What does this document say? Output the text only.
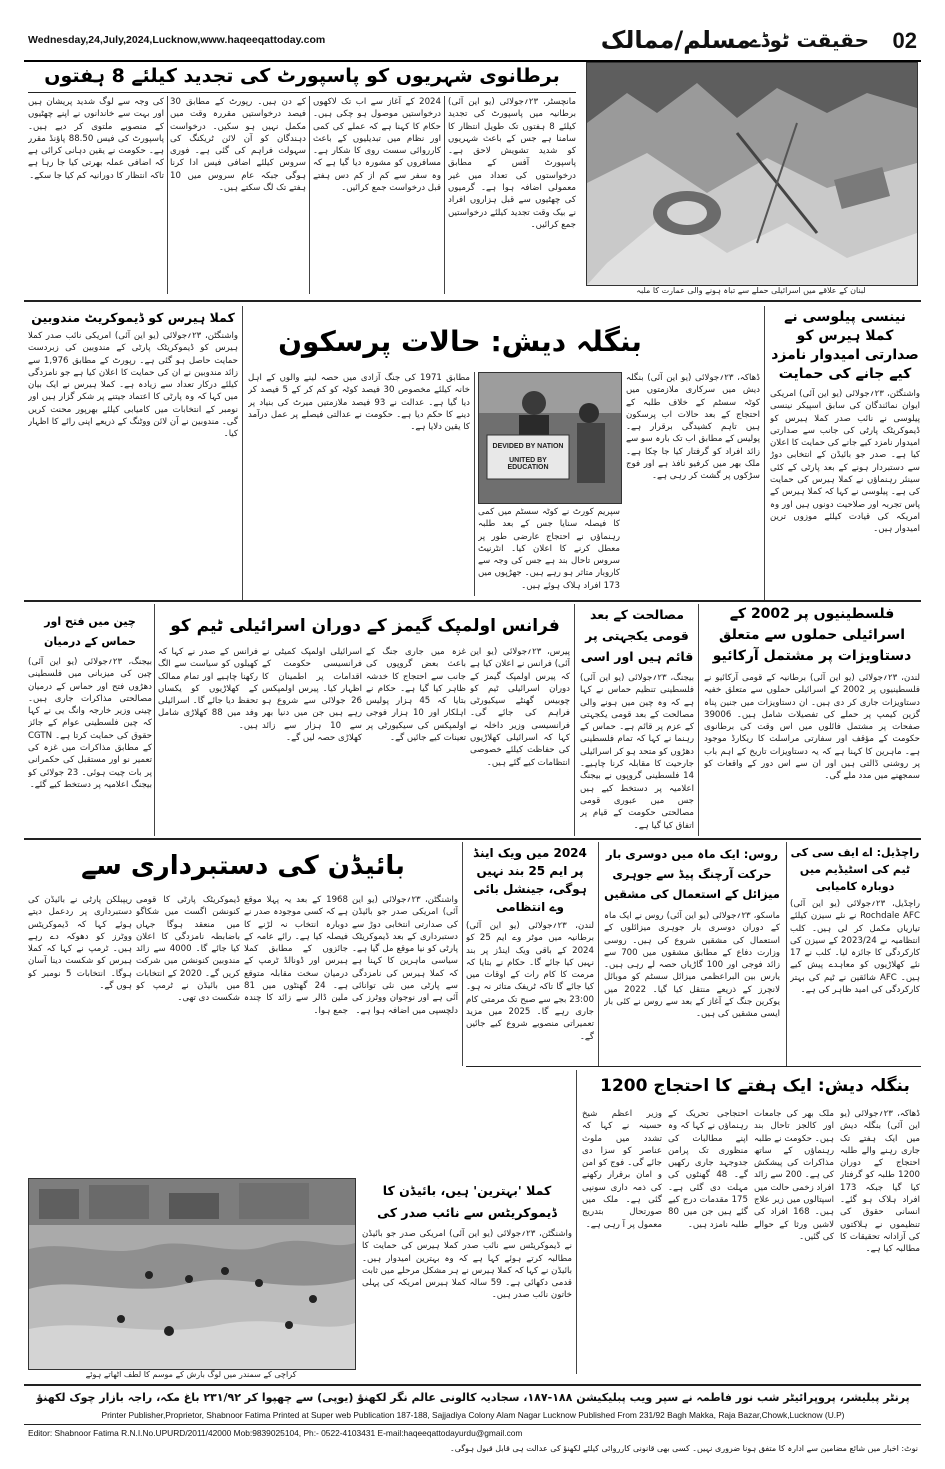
Wednesday,24,July,2024,Lucknow,www.haqeeqattoday.com	مسلم/ممالک
حقیقت ٹوڈے 02
برطانوی شہریوں کو پاسپورٹ کی تجدید کیلئے 8 ہفتوں
مانچسٹر، ۲۳؍جولائی (یو این آئی) برطانیہ میں پاسپورٹ کی تجدید کیلئے 8 ہفتوں تک طویل انتظار کا سامنا ہے جس کے باعث شہریوں کو شدید تشویش لاحق ہے۔ پاسپورٹ آفس کے مطابق درخواستوں کی تعداد میں غیر معمولی اضافہ ہوا ہے۔ گرمیوں کی چھٹیوں سے قبل ہزاروں افراد نے بیک وقت تجدید کیلئے درخواستیں جمع کرائیں۔
2024 کے آغاز سے اب تک لاکھوں درخواستیں موصول ہو چکی ہیں۔ حکام کا کہنا ہے کہ عملے کی کمی اور نظام میں تبدیلیوں کے باعث کارروائی سست روی کا شکار ہے۔ مسافروں کو مشورہ دیا گیا ہے کہ وہ سفر سے کم از کم دس ہفتے قبل درخواست جمع کرائیں۔
کے دن ہیں۔ رپورٹ کے مطابق 30 فیصد درخواستیں مقررہ وقت میں مکمل نہیں ہو سکیں۔ درخواست دہندگان کو آن لائن ٹریکنگ کی سہولت فراہم کی گئی ہے۔ فوری سروس کیلئے اضافی فیس ادا کرنا ہوگی جبکہ عام سروس میں 10 ہفتے تک لگ سکتے ہیں۔
کی وجہ سے لوگ شدید پریشان ہیں اور بہت سے خاندانوں نے اپنے چھٹیوں کے منصوبے ملتوی کر دیے ہیں۔ پاسپورٹ کی فیس 88.50 پاؤنڈ مقرر ہے۔ حکومت نے یقین دہانی کرائی ہے کہ اضافی عملہ بھرتی کیا جا رہا ہے تاکہ انتظار کا دورانیہ کم کیا جا سکے۔
لبنان کے علاقے میں اسرائیلی حملے سے تباہ ہونے والی عمارت کا ملبہ
بنگلہ دیش: حالات پرسکون
کملا ہیرس کو ڈیموکریٹ مندوبین
واشنگٹن، ۲۳؍جولائی (یو این آئی) امریکی نائب صدر کملا ہیرس کو ڈیموکریٹک پارٹی کے مندوبین کی زبردست حمایت حاصل ہو گئی ہے۔ رپورٹ کے مطابق 1,976 سے زائد مندوبین نے ان کی حمایت کا اعلان کیا ہے جو نامزدگی کیلئے درکار تعداد سے زیادہ ہے۔ کملا ہیرس نے ایک بیان میں کہا کہ وہ پارٹی کا اعتماد جیتنے پر شکر گزار ہیں اور نومبر کے انتخابات میں کامیابی کیلئے بھرپور محنت کریں گی۔ مندوبین نے آن لائن ووٹنگ کے ذریعے اپنی رائے کا اظہار کیا۔
نینسی پیلوسی نے کملا ہیرس کو صدارتی امیدوار نامزد کیے جانے کی حمایت
واشنگٹن، ۲۳؍جولائی (یو این آئی) امریکی ایوان نمائندگان کی سابق اسپیکر نینسی پیلوسی نے نائب صدر کملا ہیرس کو ڈیموکریٹک پارٹی کی جانب سے صدارتی امیدوار نامزد کیے جانے کی حمایت کا اعلان کیا ہے۔ صدر جو بائیڈن کے انتخابی دوڑ سے دستبردار ہونے کے بعد پارٹی کے کئی سینئر رہنماؤں نے کملا ہیرس کی حمایت کی ہے۔ پیلوسی نے کہا کہ کملا ہیرس کے پاس تجربہ اور صلاحیت دونوں ہیں اور وہ امریکہ کی قیادت کیلئے موزوں ترین امیدوار ہیں۔
ڈھاکہ، ۲۳؍جولائی (یو این آئی) بنگلہ دیش میں سرکاری ملازمتوں میں کوٹہ سسٹم کے خلاف طلبہ کے احتجاج کے بعد حالات اب پرسکون ہیں تاہم کشیدگی برقرار ہے۔ پولیس کے مطابق اب تک بارہ سو سے زائد افراد کو گرفتار کیا جا چکا ہے۔ ملک بھر میں کرفیو نافذ ہے اور فوج سڑکوں پر گشت کر رہی ہے۔
سپریم کورٹ نے کوٹہ سسٹم میں کمی کا فیصلہ سنایا جس کے بعد طلبہ رہنماؤں نے احتجاج عارضی طور پر معطل کرنے کا اعلان کیا۔ انٹرنیٹ سروس تاحال بند ہے جس کی وجہ سے کاروبار متاثر ہو رہے ہیں۔ جھڑپوں میں 173 افراد ہلاک ہوئے ہیں۔
مطابق 1971 کی جنگ آزادی میں حصہ لینے والوں کے اہل خانہ کیلئے مخصوص 30 فیصد کوٹہ کو کم کر کے 5 فیصد کر دیا گیا ہے۔ عدالت نے 93 فیصد ملازمتیں میرٹ کی بنیاد پر دینے کا حکم دیا ہے۔ حکومت نے عدالتی فیصلے پر عمل درآمد کا یقین دلایا ہے۔
DEVIDED BY NATION
UNITED BY EDUCATION
فلسطینیوں پر 2002 کے اسرائیلی حملوں سے متعلق دستاویزات پر مشتمل آرکائیو
لندن، ۲۳؍جولائی (یو این آئی) برطانیہ کے قومی آرکائیو نے فلسطینیوں پر 2002 کے اسرائیلی حملوں سے متعلق خفیہ دستاویزات جاری کر دی ہیں۔ ان دستاویزات میں جنین پناہ گزین کیمپ پر حملے کی تفصیلات شامل ہیں۔ 39006 صفحات پر مشتمل فائلوں میں اس وقت کی برطانوی حکومت کے مؤقف اور سفارتی مراسلت کا ریکارڈ موجود ہے۔ ماہرین کا کہنا ہے کہ یہ دستاویزات تاریخ کے اہم باب پر روشنی ڈالتی ہیں اور ان سے اس دور کے واقعات کو سمجھنے میں مدد ملے گی۔
مصالحت کے بعد قومی یکجہتی پر قائم ہیں اور اسی
بیجنگ، ۲۳؍جولائی (یو این آئی) فلسطینی تنظیم حماس نے کہا ہے کہ وہ چین میں ہونے والی مصالحت کے بعد قومی یکجہتی کے عزم پر قائم ہے۔ حماس کے رہنما نے کہا کہ تمام فلسطینی دھڑوں کو متحد ہو کر اسرائیلی جارحیت کا مقابلہ کرنا چاہیے۔ 14 فلسطینی گروپوں نے بیجنگ اعلامیہ پر دستخط کیے ہیں جس میں عبوری قومی مصالحتی حکومت کے قیام پر اتفاق کیا گیا ہے۔
فرانس اولمپک گیمز کے دوران اسرائیلی ٹیم کو
پیرس، ۲۳؍جولائی (یو این آئی) فرانس نے اعلان کیا ہے کہ پیرس اولمپک گیمز کے دوران اسرائیلی ٹیم کو چوبیس گھنٹے سیکیورٹی فراہم کی جائے گی۔ فرانسیسی وزیر داخلہ نے کہا کہ اسرائیلی کھلاڑیوں کی حفاظت کیلئے خصوصی انتظامات کیے گئے ہیں۔
غزہ میں جاری جنگ کے باعث بعض گروپوں کی جانب سے احتجاج کا خدشہ ظاہر کیا گیا ہے۔ حکام نے بتایا کہ 45 ہزار پولیس اہلکار اور 10 ہزار فوجی اولمپکس کی سیکیورٹی پر تعینات کیے جائیں گے۔
اسرائیلی اولمپک کمیٹی نے فرانسیسی حکومت کے اقدامات پر اطمینان کا اظہار کیا۔ پیرس اولمپکس 26 جولائی سے شروع ہو رہے ہیں جن میں دنیا بھر سے 10 ہزار سے زائد کھلاڑی حصہ لیں گے۔
فرانس کے صدر نے کہا کہ کھیلوں کو سیاست سے الگ رکھنا چاہیے اور تمام ممالک کے کھلاڑیوں کو یکساں تحفظ دیا جائے گا۔ اسرائیلی وفد میں 88 کھلاڑی شامل ہیں۔
چین میں فتح اور حماس کے درمیان
بیجنگ، ۲۳؍جولائی (یو این آئی) چین کی میزبانی میں فلسطینی دھڑوں فتح اور حماس کے درمیان مصالحتی مذاکرات جاری ہیں۔ چینی وزیر خارجہ وانگ یی نے کہا کہ چین فلسطینی عوام کے جائز حقوق کی حمایت کرتا ہے۔ CGTN کے مطابق مذاکرات میں غزہ کی تعمیر نو اور مستقبل کی حکمرانی پر بات چیت ہوئی۔ 23 جولائی کو بیجنگ اعلامیہ پر دستخط کیے گئے۔
بائیڈن کی دستبرداری سے
واشنگٹن، ۲۳؍جولائی (یو این آئی) امریکی صدر جو بائیڈن کی صدارتی انتخابی دوڑ سے دستبرداری کے بعد ڈیموکریٹک پارٹی کو نیا موقع مل گیا ہے۔ سیاسی ماہرین کا کہنا ہے کہ کملا ہیرس کی نامزدگی سے پارٹی میں نئی توانائی آئی ہے اور نوجوان ووٹرز کی دلچسپی میں اضافہ ہوا ہے۔
1968 کے بعد یہ پہلا موقع ہے کہ کسی موجودہ صدر نے دوبارہ انتخاب نہ لڑنے کا فیصلہ کیا ہے۔ رائے عامہ کے جائزوں کے مطابق کملا ہیرس اور ڈونالڈ ٹرمپ کے درمیان سخت مقابلہ متوقع ہے۔ 24 گھنٹوں میں 81 ملین ڈالر سے زائد کا چندہ جمع ہوا۔
ڈیموکریٹک پارٹی کا قومی کنونشن اگست میں شکاگو میں منعقد ہوگا جہاں باضابطہ نامزدگی کا اعلان کیا جائے گا۔ 4000 سے زائد مندوبین کنونشن میں شرکت کریں گے۔ 2020 کے انتخابات میں بائیڈن نے ٹرمپ کو شکست دی تھی۔
ریپبلکن پارٹی نے بائیڈن کی دستبرداری پر ردعمل دیتے ہوئے کہا کہ ڈیموکریٹس ووٹرز کو دھوکہ دے رہے ہیں۔ ٹرمپ نے کہا کہ کملا ہیرس کو شکست دینا آسان ہوگا۔ انتخابات 5 نومبر کو ہوں گے۔
2024 میں ویک اینڈ پر ایم 25 بند نہیں ہوگی، جینشل بائی وے انتظامی
لندن، ۲۳؍جولائی (یو این آئی) برطانیہ میں موٹر وے ایم 25 کو 2024 کے باقی ویک اینڈز پر بند نہیں کیا جائے گا۔ حکام نے بتایا کہ مرمت کا کام رات کے اوقات میں کیا جائے گا تاکہ ٹریفک متاثر نہ ہو۔ 23:00 بجے سے صبح تک مرمتی کام جاری رہے گا۔ 2025 میں مزید تعمیراتی منصوبے شروع کیے جائیں گے۔
روس: ایک ماہ میں دوسری بار حرکت آرچنگ پیڈ سے جوہری میزائل کے استعمال کی مشقیں
ماسکو، ۲۳؍جولائی (یو این آئی) روس نے ایک ماہ کے دوران دوسری بار جوہری میزائلوں کے استعمال کی مشقیں شروع کی ہیں۔ روسی وزارت دفاع کے مطابق مشقوں میں 700 سے زائد فوجی اور 100 گاڑیاں حصہ لے رہی ہیں۔ یارس بین البراعظمی میزائل سسٹم کو موبائل لانچرز کے ذریعے منتقل کیا گیا۔ 2022 میں یوکرین جنگ کے آغاز کے بعد سے روس نے کئی بار ایسی مشقیں کی ہیں۔
راچڈیل: اے ایف سی کی ٹیم کی اسٹیڈیم میں دوبارہ کامیابی
راچڈیل، ۲۳؍جولائی (یو این آئی) Rochdale AFC نے نئے سیزن کیلئے تیاریاں مکمل کر لی ہیں۔ کلب انتظامیہ نے 2023/24 کے سیزن کی کارکردگی کا جائزہ لیا۔ کلب نے 17 نئے کھلاڑیوں کو معاہدے پیش کیے ہیں۔ AFC شائقین نے ٹیم کی بہتر کارکردگی کی امید ظاہر کی ہے۔
بنگلہ دیش: ایک ہفتے کا احتجاج 1200
ڈھاکہ، ۲۳؍جولائی (یو این آئی) بنگلہ دیش میں ایک ہفتے تک جاری رہنے والے طلبہ احتجاج کے دوران 1200 طلبہ کو گرفتار کیا گیا جبکہ 173 افراد ہلاک ہو گئے۔ انسانی حقوق کی تنظیموں نے ہلاکتوں کی آزادانہ تحقیقات کا مطالبہ کیا ہے۔
ملک بھر کی جامعات اور کالجز تاحال بند ہیں۔ حکومت نے طلبہ رہنماؤں کے ساتھ مذاکرات کی پیشکش کی ہے۔ 200 سے زائد افراد زخمی حالت میں اسپتالوں میں زیر علاج ہیں۔ 168 افراد کی لاشیں ورثا کے حوالے کی گئیں۔
احتجاجی تحریک کے رہنماؤں نے کہا کہ وہ اپنے مطالبات کی منظوری تک پرامن جدوجہد جاری رکھیں گے۔ 48 گھنٹوں کی مہلت دی گئی ہے۔ 175 مقدمات درج کیے گئے ہیں جن میں 80 طلبہ نامزد ہیں۔
وزیر اعظم شیخ حسینہ نے کہا کہ تشدد میں ملوث عناصر کو سزا دی جائے گی۔ فوج کو امن و امان برقرار رکھنے کی ذمہ داری سونپی گئی ہے۔ ملک میں صورتحال بتدریج معمول پر آ رہی ہے۔
کملا 'بہترین' ہیں، بائیڈن کا ڈیموکریٹس سے نائب صدر کی
واشنگٹن، ۲۳؍جولائی (یو این آئی) امریکی صدر جو بائیڈن نے ڈیموکریٹس سے نائب صدر کملا ہیرس کی حمایت کا مطالبہ کرتے ہوئے کہا ہے کہ وہ بہترین امیدوار ہیں۔ بائیڈن نے کہا کہ کملا ہیرس نے ہر مشکل مرحلے میں ثابت قدمی دکھائی ہے۔ 59 سالہ کملا ہیرس امریکہ کی پہلی خاتون نائب صدر ہیں۔
کراچی کے سمندر میں لوگ بارش کے موسم کا لطف اٹھاتے ہوئے
پرنٹر پبلیشر، پروپرائیٹر شب نور فاطمہ نے سپر ویب پبلیکیشن ۱۸۸-۱۸۷، سجادیہ کالونی عالم نگر لکھنؤ (یوپی) سے چھپوا کر ۲۳۱/۹۲ باغ مکہ، راجہ بازار چوک لکھنؤ
Printer Publisher,Proprietor, Shabnoor Fatima Printed at Super web Publication 187-188, Sajjadiya Colony Alam Nagar Lucknow Published From 231/92 Bagh Makka, Raja Bazar,Chowk,Lucknow (U.P)
Editor: Shabnoor Fatima R.N.I.No.UPURD/2011/42000 Mob:9839025104, Ph:- 0522-4103431 E-mail:haqeeqattodayurdu@gmail.com
نوٹ: اخبار میں شائع مضامین سے ادارہ کا متفق ہونا ضروری نہیں۔ کسی بھی قانونی کارروائی کیلئے لکھنؤ کی عدالت ہی قابل قبول ہوگی۔
